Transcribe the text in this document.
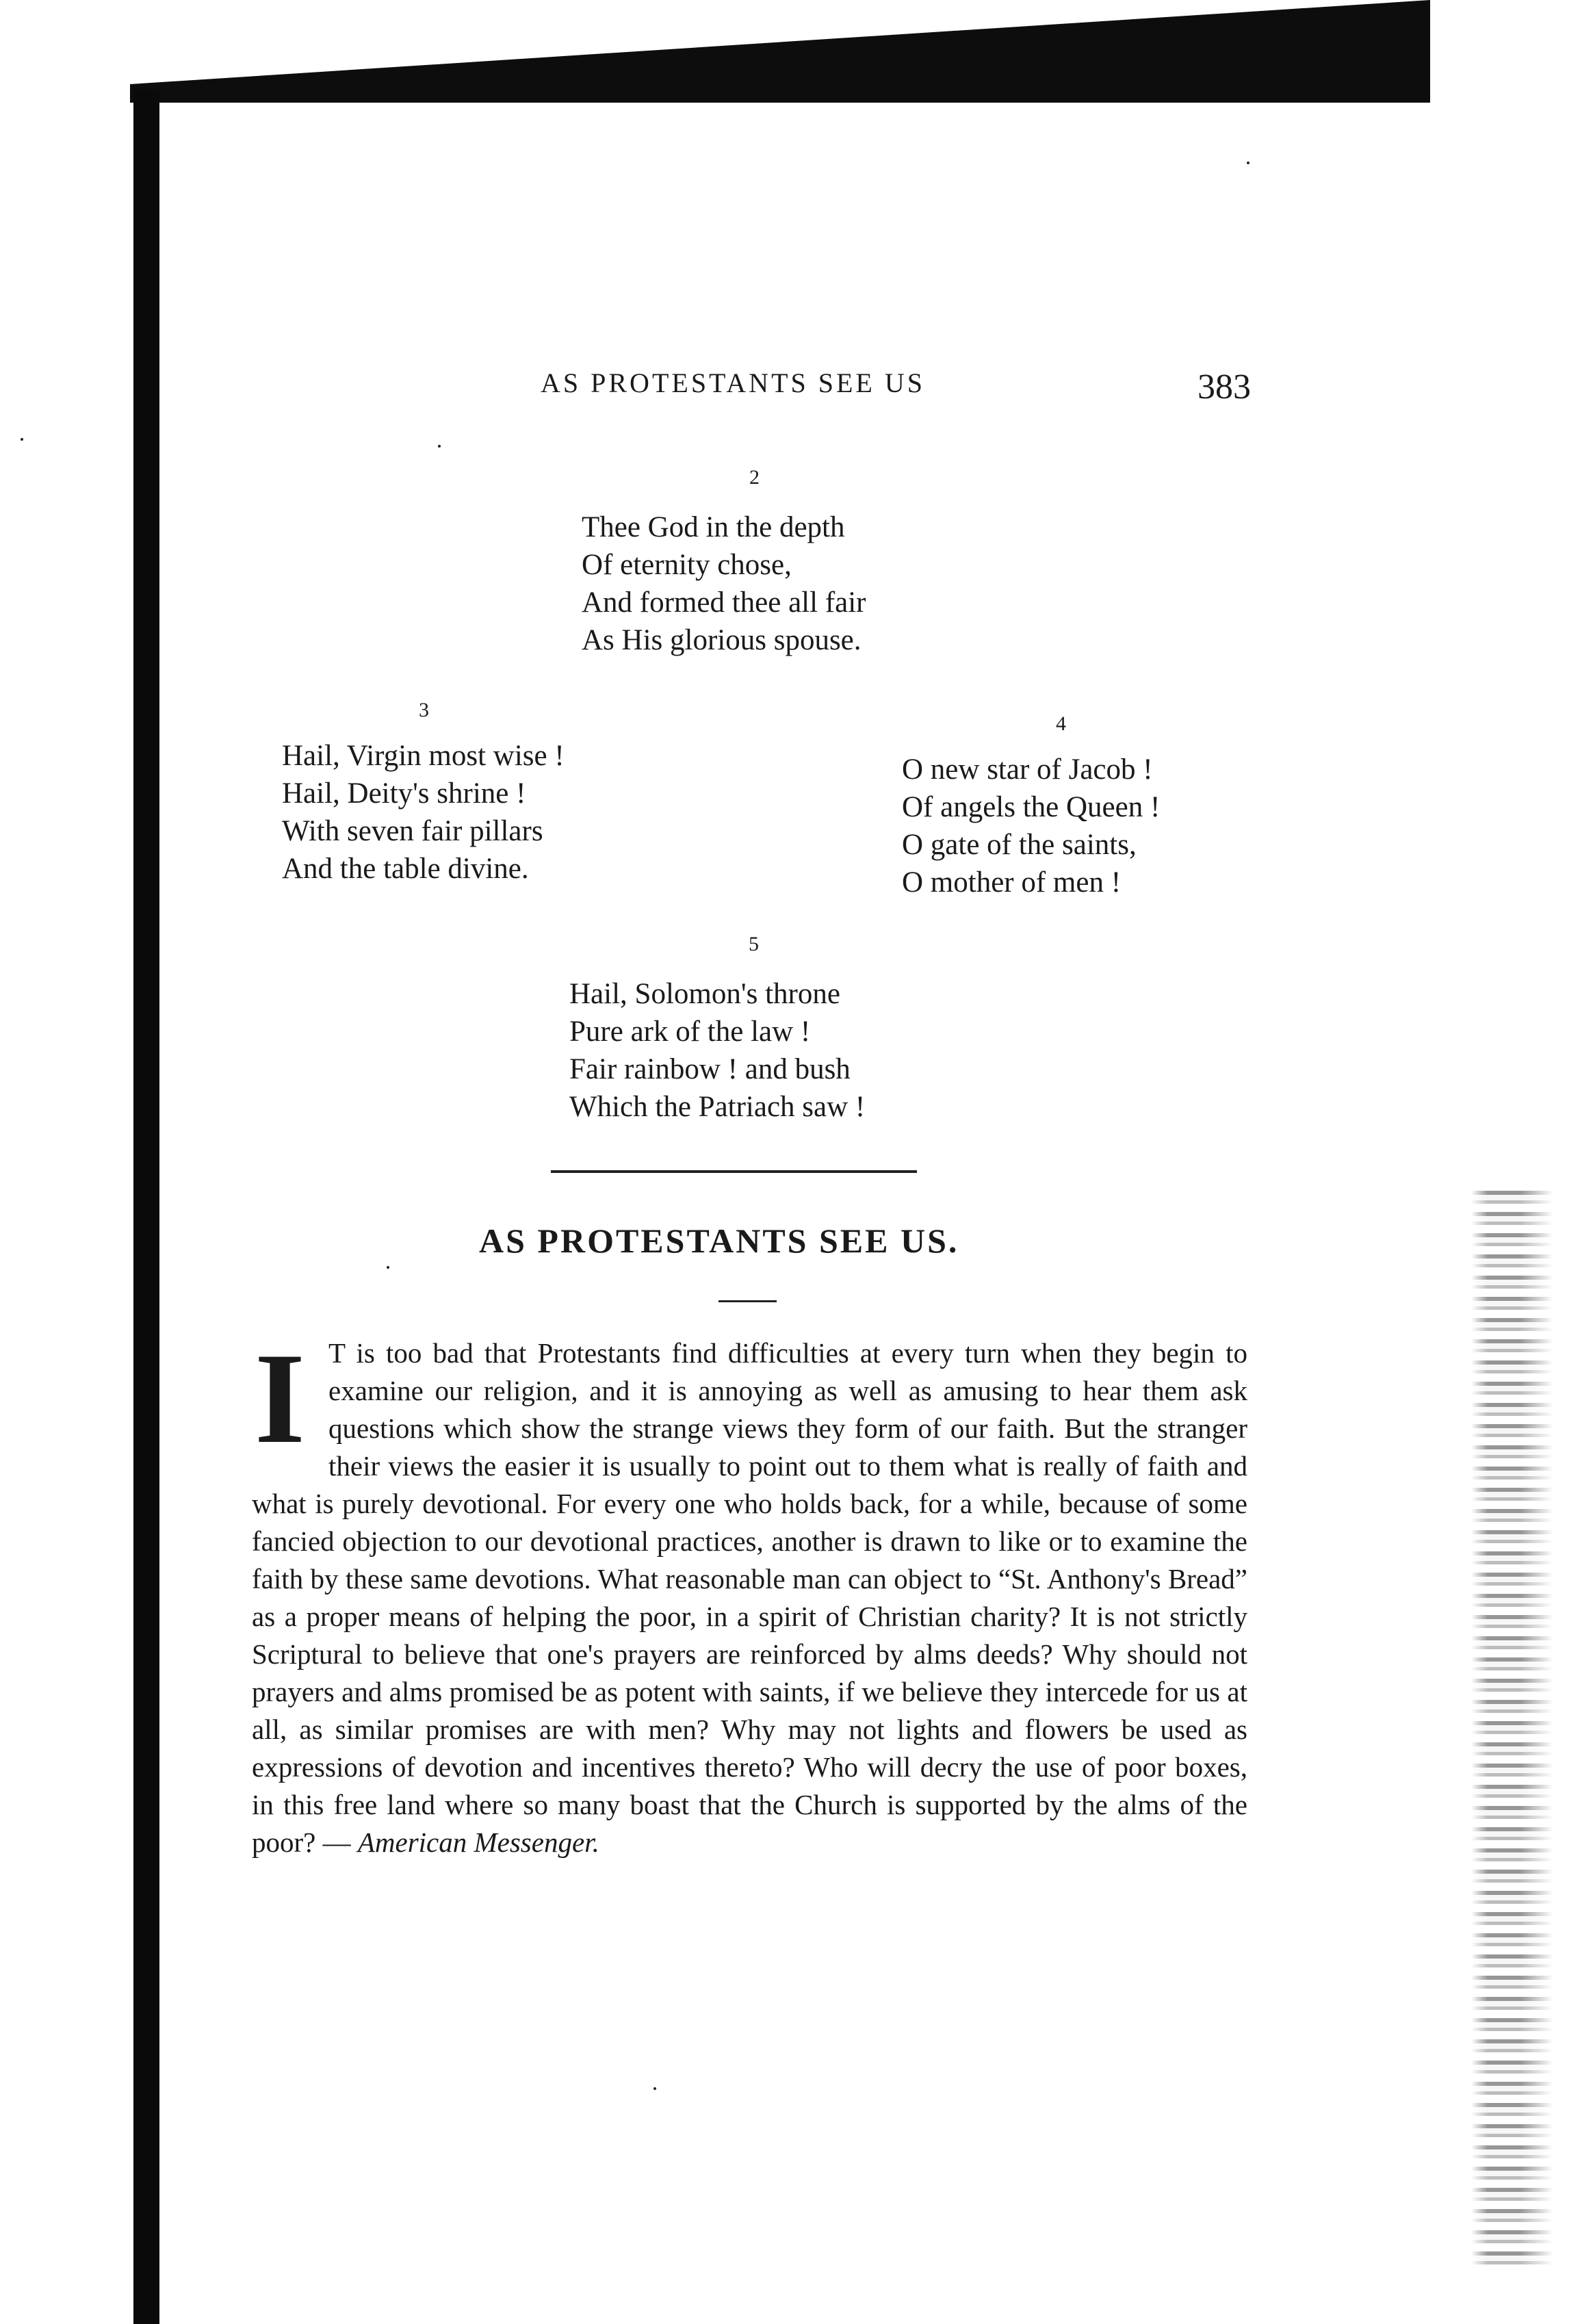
AS PROTESTANTS SEE US	383
2
Thee God in the depth
Of eternity chose,
And formed thee all fair
As His glorious spouse.
3
Hail, Virgin most wise !
Hail, Deity's shrine !
With seven fair pillars
And the table divine.
4
O new star of Jacob !
Of angels the Queen !
O gate of the saints,
O mother of men !
5
Hail, Solomon's throne
Pure ark of the law !
Fair rainbow ! and bush
Which the Patriach saw !
AS PROTESTANTS SEE US.
I T is too bad that Protestants find difficulties at every turn when they begin to examine our religion, and it is annoying as well as amusing to hear them ask questions which show the strange views they form of our faith. But the stranger their views the easier it is usually to point out to them what is really of faith and what is purely devotional. For every one who holds back, for a while, because of some fancied objection to our devotional practices, another is drawn to like or to examine the faith by these same devotions. What reasonable man can object to “St. Anthony's Bread” as a proper means of helping the poor, in a spirit of Christian charity? It is not strictly Scriptural to believe that one's prayers are reinforced by alms deeds? Why should not prayers and alms promised be as potent with saints, if we believe they intercede for us at all, as similar promises are with men? Why may not lights and flowers be used as expressions of devotion and incentives thereto? Who will decry the use of poor boxes, in this free land where so many boast that the Church is supported by the alms of the poor? — American Messenger.
